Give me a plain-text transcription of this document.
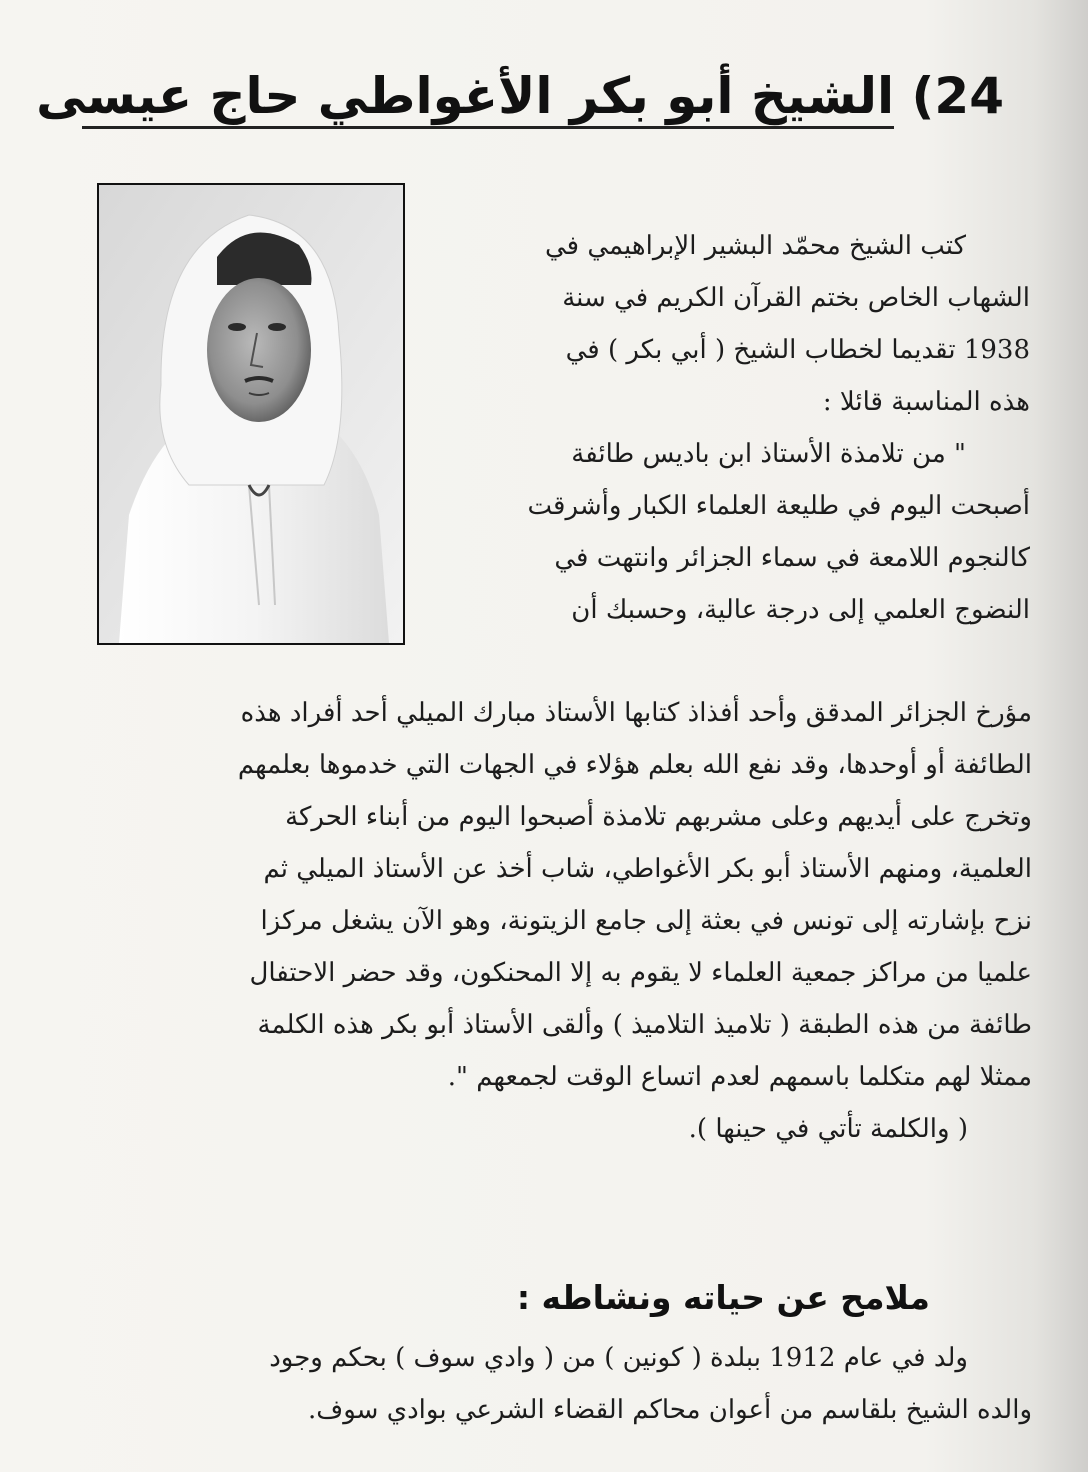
24) الشيخ أبو بكر الأغواطي حاج عيسى
كتب الشيخ محمّد البشير الإبراهيمي في
الشهاب الخاص بختم القرآن الكريم في سنة
1938 تقديما لخطاب الشيخ ( أبي بكر ) في
هذه المناسبة قائلا :
" من تلامذة الأستاذ ابن باديس طائفة
أصبحت اليوم في طليعة العلماء الكبار وأشرقت
كالنجوم اللامعة في سماء الجزائر وانتهت في
النضوج العلمي إلى درجة عالية، وحسبك أن
مؤرخ الجزائر المدقق وأحد أفذاذ كتابها الأستاذ مبارك الميلي أحد أفراد هذه
الطائفة أو أوحدها، وقد نفع الله بعلم هؤلاء في الجهات التي خدموها بعلمهم
وتخرج على أيديهم وعلى مشربهم تلامذة أصبحوا اليوم من أبناء الحركة
العلمية، ومنهم الأستاذ أبو بكر الأغواطي، شاب أخذ عن الأستاذ الميلي ثم
نزح بإشارته إلى تونس في بعثة إلى جامع الزيتونة، وهو الآن يشغل مركزا
علميا من مراكز جمعية العلماء لا يقوم به إلا المحنكون، وقد حضر الاحتفال
طائفة من هذه الطبقة ( تلاميذ التلاميذ ) وألقى الأستاذ أبو بكر هذه الكلمة
ممثلا لهم متكلما باسمهم لعدم اتساع الوقت لجمعهم ".
( والكلمة تأتي في حينها ).
ملامح عن حياته ونشاطه :
ولد في عام 1912 ببلدة ( كونين ) من ( وادي سوف ) بحكم وجود
والده الشيخ بلقاسم من أعوان محاكم القضاء الشرعي بوادي سوف.
